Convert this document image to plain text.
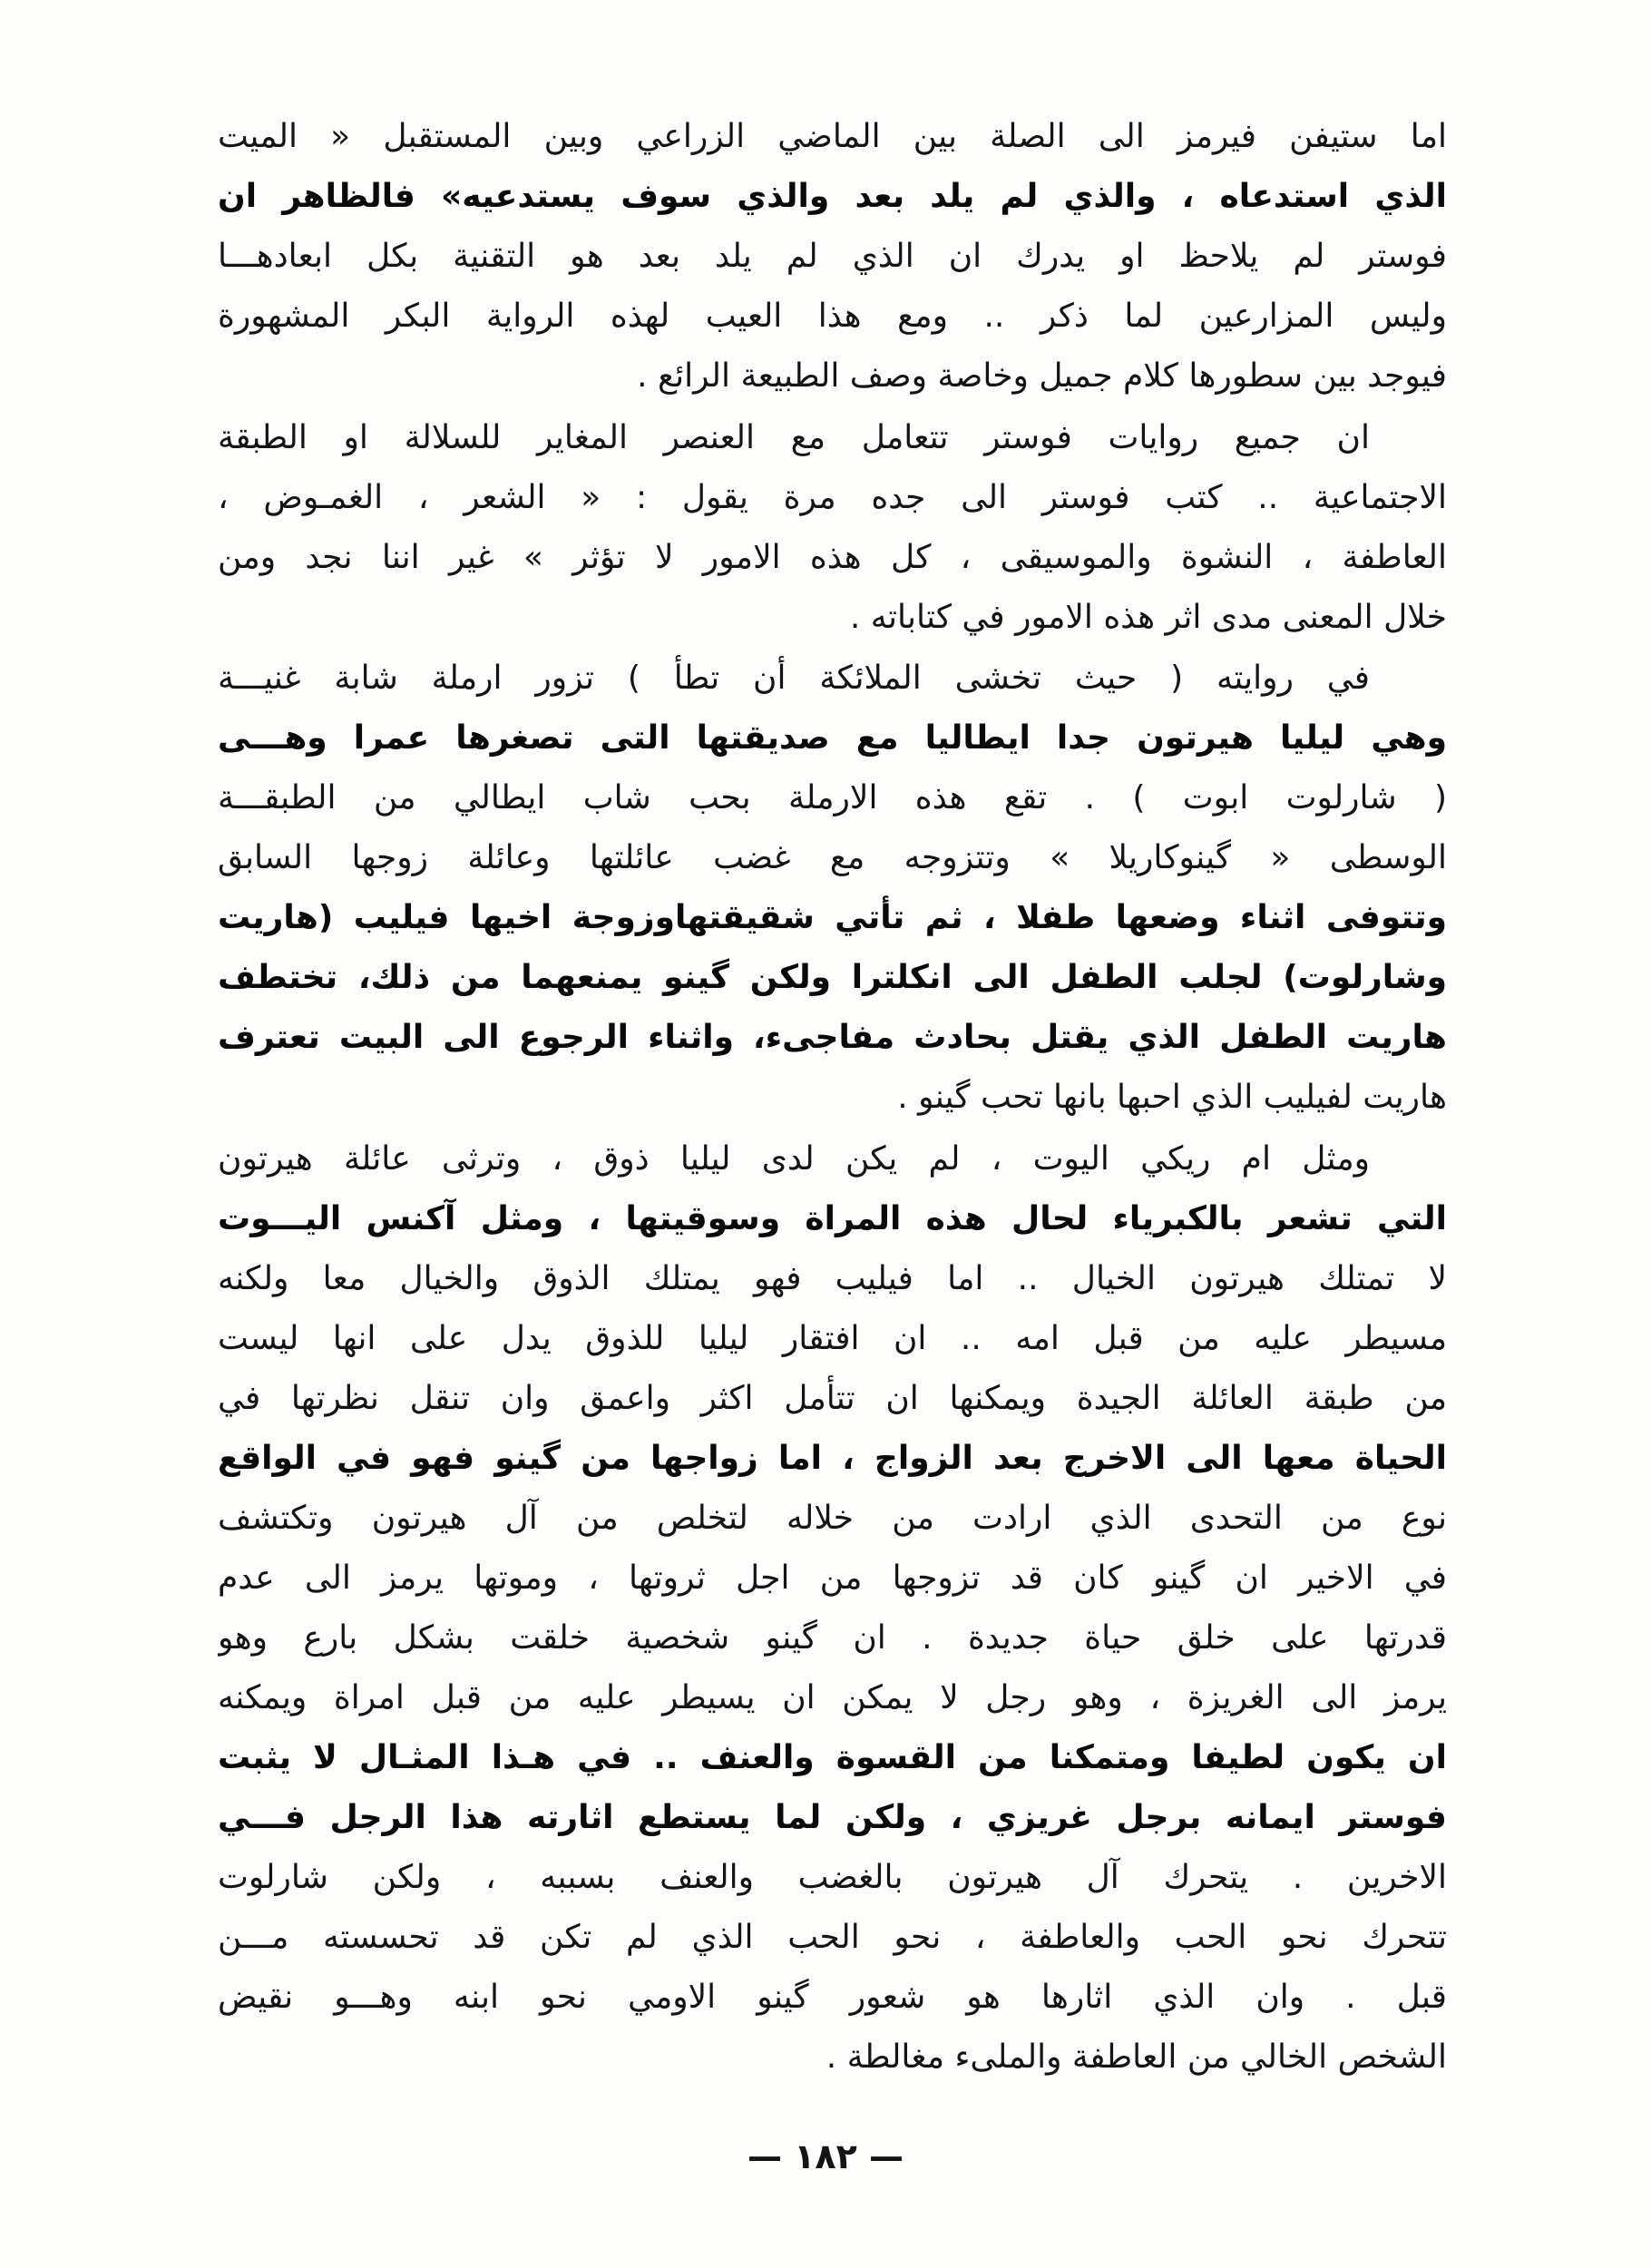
اما ستيفن فيرمز الى الصلة بين الماضي الزراعي وبين المستقبل « الميت
الذي استدعاه ، والذي لم يلد بعد والذي سوف يستدعيه» فالظاهر ان
فوستر لم يلاحظ او يدرك ان الذي لم يلد بعد هو التقنية بكل ابعادهـــا
وليس المزارعين لما ذكر .. ومع هذا العيب لهذه الرواية البكر المشهورة
فيوجد بين سطورها كلام جميل وخاصة وصف الطبيعة الرائع .
ان جميع روايات فوستر تتعامل مع العنصر المغاير للسلالة او الطبقة
الاجتماعية .. كتب فوستر الى جده مرة يقول : « الشعر ، الغمـوض ،
العاطفة ، النشوة والموسيقى ، كل هذه الامور لا تؤثر » غير اننا نجد ومن
خلال المعنى مدى اثر هذه الامور في كتاباته .
في روايته ( حيث تخشى الملائكة أن تطأ ) تزور ارملة شابة غنيـــة
وهي ليليا هيرتون جدا ايطاليا مع صديقتها التى تصغرها عمرا وهـــى
( شارلوت ابوت ) . تقع هذه الارملة بحب شاب ايطالي من الطبقـــة
الوسطى « گينوكاريلا » وتتزوجه مع غضب عائلتها وعائلة زوجها السابق
وتتوفى اثناء وضعها طفلا ، ثم تأتي شقيقتهاوزوجة اخيها فيليب (هاريت
وشارلوت) لجلب الطفل الى انكلترا ولكن گينو يمنعهما من ذلك، تختطف
هاريت الطفل الذي يقتل بحادث مفاجىء، واثناء الرجوع الى البيت تعترف
هاريت لفيليب الذي احبها بانها تحب گينو .
ومثل ام ريكي اليوت ، لم يكن لدى ليليا ذوق ، وترثى عائلة هيرتون
التي تشعر بالكبرياء لحال هذه المراة وسوقيتها ، ومثل آكنس اليـــوت
لا تمتلك هيرتون الخيال .. اما فيليب فهو يمتلك الذوق والخيال معا ولكنه
مسيطر عليه من قبل امه .. ان افتقار ليليا للذوق يدل على انها ليست
من طبقة العائلة الجيدة ويمكنها ان تتأمل اكثر واعمق وان تنقل نظرتها في
الحياة معها الى الاخرج بعد الزواج ، اما زواجها من گينو فهو في الواقع
نوع من التحدى الذي ارادت من خلاله لتخلص من آل هيرتون وتكتشف
في الاخير ان گينو كان قد تزوجها من اجل ثروتها ، وموتها يرمز الى عدم
قدرتها على خلق حياة جديدة . ان گينو شخصية خلقت بشكل بارع وهو
يرمز الى الغريزة ، وهو رجل لا يمكن ان يسيطر عليه من قبل امراة ويمكنه
ان يكون لطيفا ومتمكنا من القسوة والعنف .. في هـذا المثـال لا يثبت
فوستر ايمانه برجل غريزي ، ولكن لما يستطع اثارته هذا الرجل فـــي
الاخرين . يتحرك آل هيرتون بالغضب والعنف بسببه ، ولكن شارلوت
تتحرك نحو الحب والعاطفة ، نحو الحب الذي لم تكن قد تحسسته مـــن
قبل . وان الذي اثارها هو شعور گينو الاومي نحو ابنه وهـــو نقيض
الشخص الخالي من العاطفة والملىء مغالطة .
— ١٨٢ —
